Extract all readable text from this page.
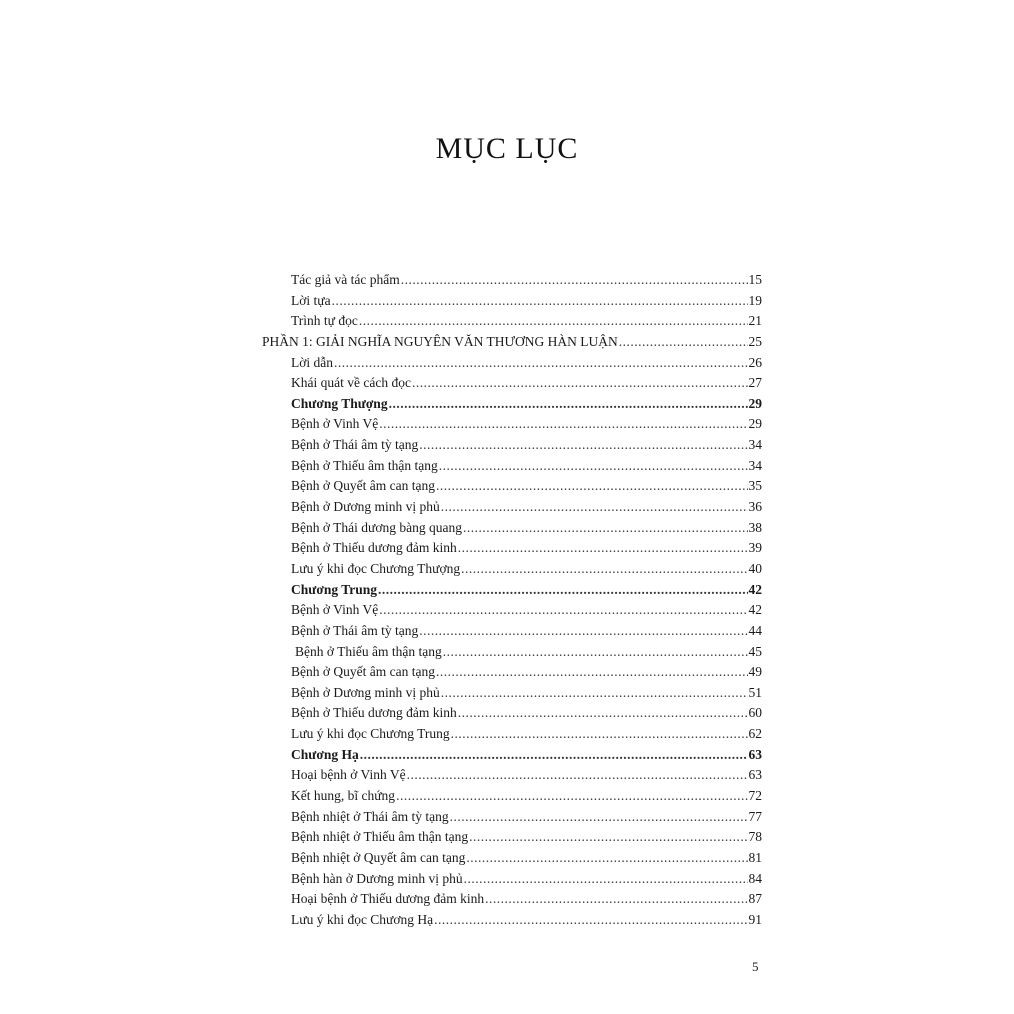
MỤC LỤC
Tác giả và tác phẩm .....	15
Lời tựa .....	19
Trình tự đọc .....	21
PHẦN 1: GIẢI NGHĨA NGUYÊN VĂN THƯƠNG HÀN LUẬN .....	25
Lời dẫn .....	26
Khái quát về cách đọc .....	27
Chương Thượng .....	29
Bệnh ở Vinh Vệ .....	29
Bệnh ở Thái âm tỳ tạng .....	34
Bệnh ở Thiếu âm thận tạng .....	34
Bệnh ở Quyết âm can tạng .....	35
Bệnh ở Dương minh vị phủ .....	36
Bệnh ở Thái dương bàng quang .....	38
Bệnh ở Thiếu dương đảm kinh .....	39
Lưu ý khi đọc Chương Thượng .....	40
Chương Trung .....	42
Bệnh ở Vinh Vệ .....	42
Bệnh ở Thái âm tỳ tạng .....	44
Bệnh ở Thiếu âm thận tạng .....	45
Bệnh ở Quyết âm can tạng .....	49
Bệnh ở Dương minh vị phủ .....	51
Bệnh ở Thiếu dương đảm kinh .....	60
Lưu ý khi đọc Chương Trung .....	62
Chương Hạ .....	63
Hoại bệnh ở Vinh Vệ .....	63
Kết hung, bĩ chứng .....	72
Bệnh nhiệt ở Thái âm tỳ tạng .....	77
Bệnh nhiệt ở Thiếu âm thận tạng .....	78
Bệnh nhiệt ở Quyết âm can tạng .....	81
Bệnh hàn ở Dương minh vị phủ .....	84
Hoại bệnh ở Thiếu dương đảm kinh .....	87
Lưu ý khi đọc Chương Hạ .....	91
5
